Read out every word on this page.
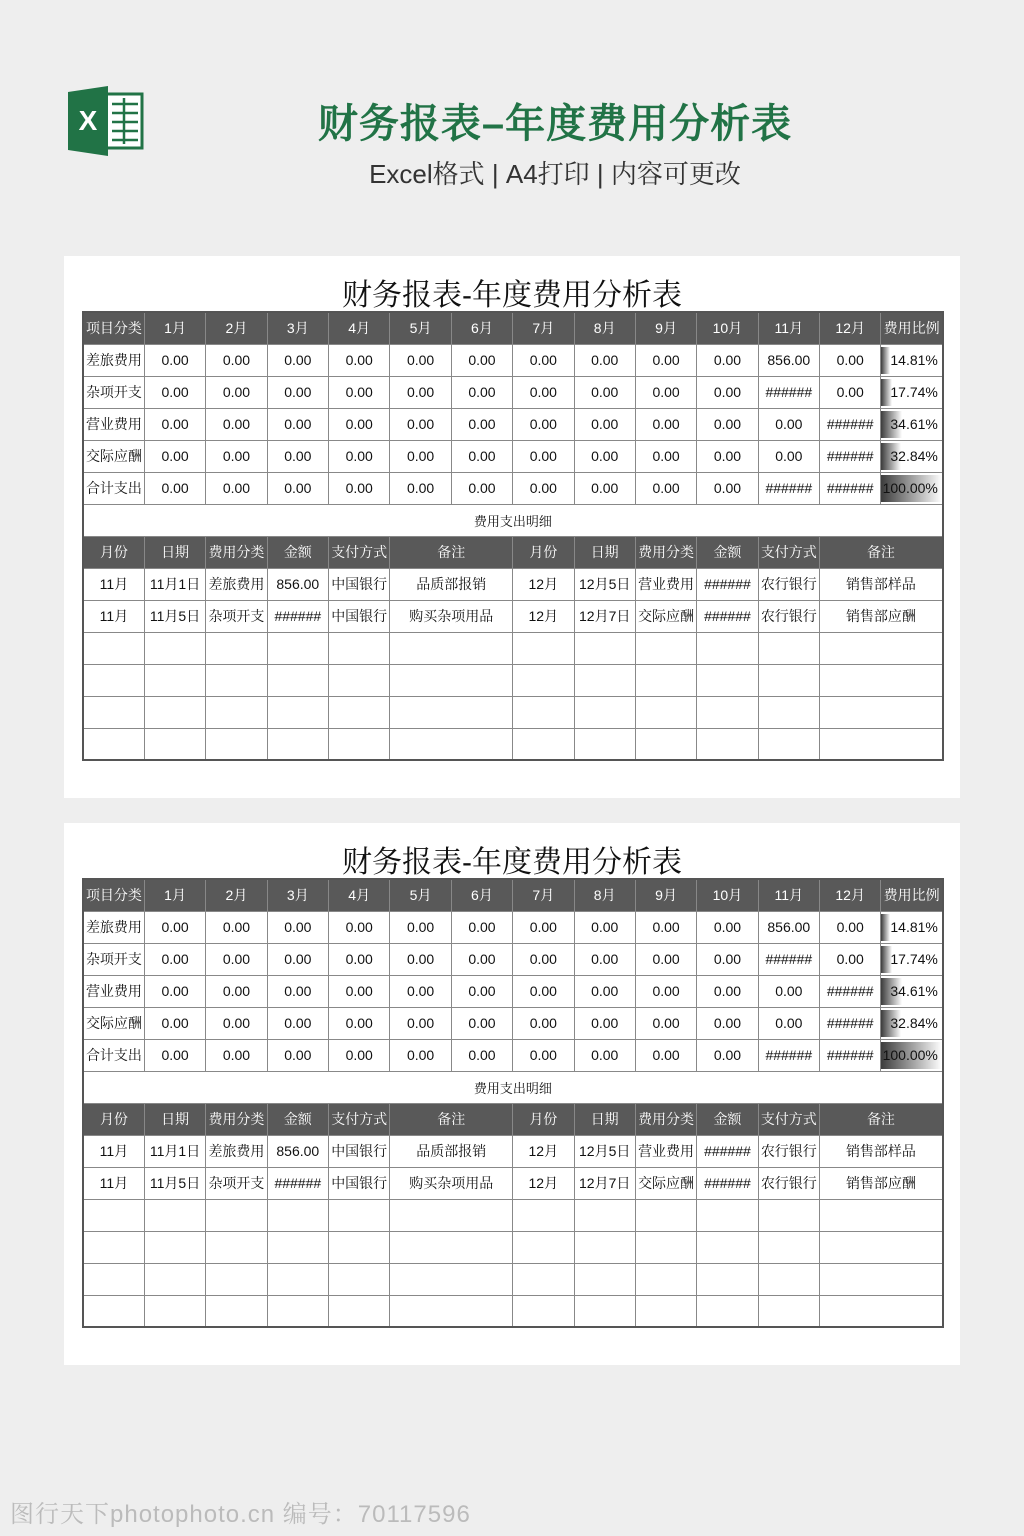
X	财务报表–年度费用分析表
Excel格式 | A4打印 | 内容可更改
财务报表-年度费用分析表
项目分类	1月	2月	3月	4月	5月	6月	7月	8月	9月	10月	11月	12月	费用比例
差旅费用	0.00	0.00	0.00	0.00	0.00	0.00	0.00	0.00	0.00	0.00	856.00	0.00	14.81%
杂项开支	0.00	0.00	0.00	0.00	0.00	0.00	0.00	0.00	0.00	0.00	######	0.00	17.74%
营业费用	0.00	0.00	0.00	0.00	0.00	0.00	0.00	0.00	0.00	0.00	0.00	######	34.61%
交际应酬	0.00	0.00	0.00	0.00	0.00	0.00	0.00	0.00	0.00	0.00	0.00	######	32.84%
合计支出	0.00	0.00	0.00	0.00	0.00	0.00	0.00	0.00	0.00	0.00	######	######	100.00%
费用支出明细													
月份	日期	费用分类	金额	支付方式	备注		月份	日期	费用分类	金额	支付方式	备注	
11月	11月1日	差旅费用	856.00	中国银行	品质部报销		12月	12月5日	营业费用	######	农行银行	销售部样品	
11月	11月5日	杂项开支	######	中国银行	购买杂项用品		12月	12月7日	交际应酬	######	农行银行	销售部应酬	

财务报表-年度费用分析表
项目分类	1月	2月	3月	4月	5月	6月	7月	8月	9月	10月	11月	12月	费用比例
差旅费用	0.00	0.00	0.00	0.00	0.00	0.00	0.00	0.00	0.00	0.00	856.00	0.00	14.81%
杂项开支	0.00	0.00	0.00	0.00	0.00	0.00	0.00	0.00	0.00	0.00	######	0.00	17.74%
营业费用	0.00	0.00	0.00	0.00	0.00	0.00	0.00	0.00	0.00	0.00	0.00	######	34.61%
交际应酬	0.00	0.00	0.00	0.00	0.00	0.00	0.00	0.00	0.00	0.00	0.00	######	32.84%
合计支出	0.00	0.00	0.00	0.00	0.00	0.00	0.00	0.00	0.00	0.00	######	######	100.00%
费用支出明细													
月份	日期	费用分类	金额	支付方式	备注		月份	日期	费用分类	金额	支付方式	备注	
11月	11月1日	差旅费用	856.00	中国银行	品质部报销		12月	12月5日	营业费用	######	农行银行	销售部样品	
11月	11月5日	杂项开支	######	中国银行	购买杂项用品		12月	12月7日	交际应酬	######	农行银行	销售部应酬	

图行天下photophoto.cn 编号：70117596
